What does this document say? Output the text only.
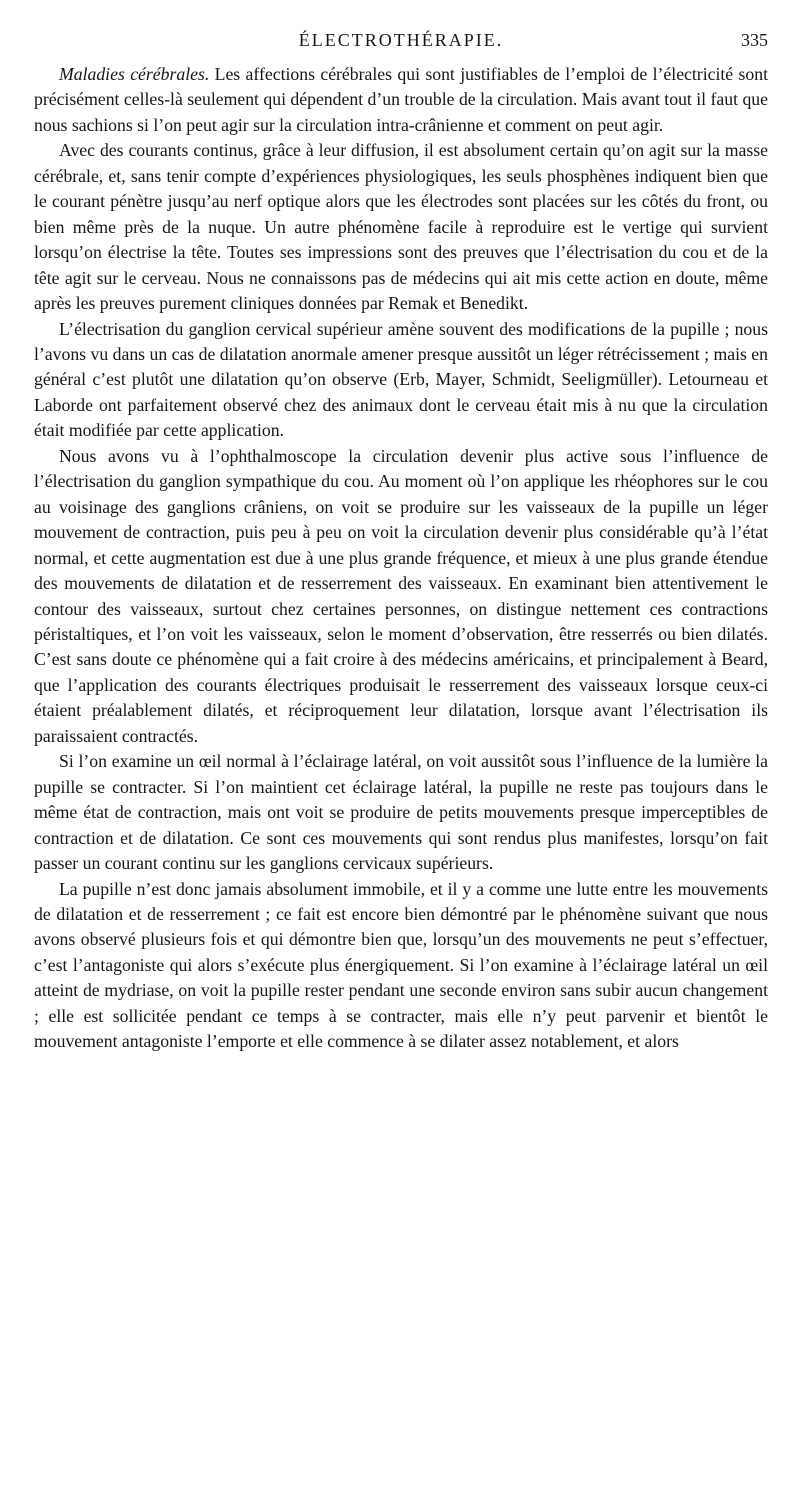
ÉLECTROTHÉRAPIE.	335

Maladies cérébrales. Les affections cérébrales qui sont justifiables de l’emploi de l’électricité sont précisément celles-là seulement qui dépendent d’un trouble de la circulation. Mais avant tout il faut que nous sachions si l’on peut agir sur la circulation intra-crânienne et comment on peut agir.

Avec des courants continus, grâce à leur diffusion, il est absolument certain qu’on agit sur la masse cérébrale, et, sans tenir compte d’expériences physiologiques, les seuls phosphènes indiquent bien que le courant pénètre jusqu’au nerf optique alors que les électrodes sont placées sur les côtés du front, ou bien même près de la nuque. Un autre phénomène facile à reproduire est le vertige qui survient lorsqu’on électrise la tête. Toutes ses impressions sont des preuves que l’électrisation du cou et de la tête agit sur le cerveau. Nous ne connaissons pas de médecins qui ait mis cette action en doute, même après les preuves purement cliniques données par Remak et Benedikt.

L’électrisation du ganglion cervical supérieur amène souvent des modifications de la pupille ; nous l’avons vu dans un cas de dilatation anormale amener presque aussitôt un léger rétrécissement ; mais en général c’est plutôt une dilatation qu’on observe (Erb, Mayer, Schmidt, Seeligmüller). Letourneau et Laborde ont parfaitement observé chez des animaux dont le cerveau était mis à nu que la circulation était modifiée par cette application.

Nous avons vu à l’ophthalmoscope la circulation devenir plus active sous l’influence de l’électrisation du ganglion sympathique du cou. Au moment où l’on applique les rhéophores sur le cou au voisinage des ganglions crâniens, on voit se produire sur les vaisseaux de la pupille un léger mouvement de contraction, puis peu à peu on voit la circulation devenir plus considérable qu’à l’état normal, et cette augmentation est due à une plus grande fréquence, et mieux à une plus grande étendue des mouvements de dilatation et de resserrement des vaisseaux. En examinant bien attentivement le contour des vaisseaux, surtout chez certaines personnes, on distingue nettement ces contractions péristaltiques, et l’on voit les vaisseaux, selon le moment d’observation, être resserrés ou bien dilatés. C’est sans doute ce phénomène qui a fait croire à des médecins américains, et principalement à Beard, que l’application des courants électriques produisait le resserrement des vaisseaux lorsque ceux-ci étaient préalablement dilatés, et réciproquement leur dilatation, lorsque avant l’électrisation ils paraissaient contractés.

Si l’on examine un œil normal à l’éclairage latéral, on voit aussitôt sous l’influence de la lumière la pupille se contracter. Si l’on maintient cet éclairage latéral, la pupille ne reste pas toujours dans le même état de contraction, mais ont voit se produire de petits mouvements presque imperceptibles de contraction et de dilatation. Ce sont ces mouvements qui sont rendus plus manifestes, lorsqu’on fait passer un courant continu sur les ganglions cervicaux supérieurs.

La pupille n’est donc jamais absolument immobile, et il y a comme une lutte entre les mouvements de dilatation et de resserrement ; ce fait est encore bien démontré par le phénomène suivant que nous avons observé plusieurs fois et qui démontre bien que, lorsqu’un des mouvements ne peut s’effectuer, c’est l’antagoniste qui alors s’exécute plus énergiquement. Si l’on examine à l’éclairage latéral un œil atteint de mydriase, on voit la pupille rester pendant une seconde environ sans subir aucun changement ; elle est sollicitée pendant ce temps à se contracter, mais elle n’y peut parvenir et bientôt le mouvement antagoniste l’emporte et elle commence à se dilater assez notablement, et alors
